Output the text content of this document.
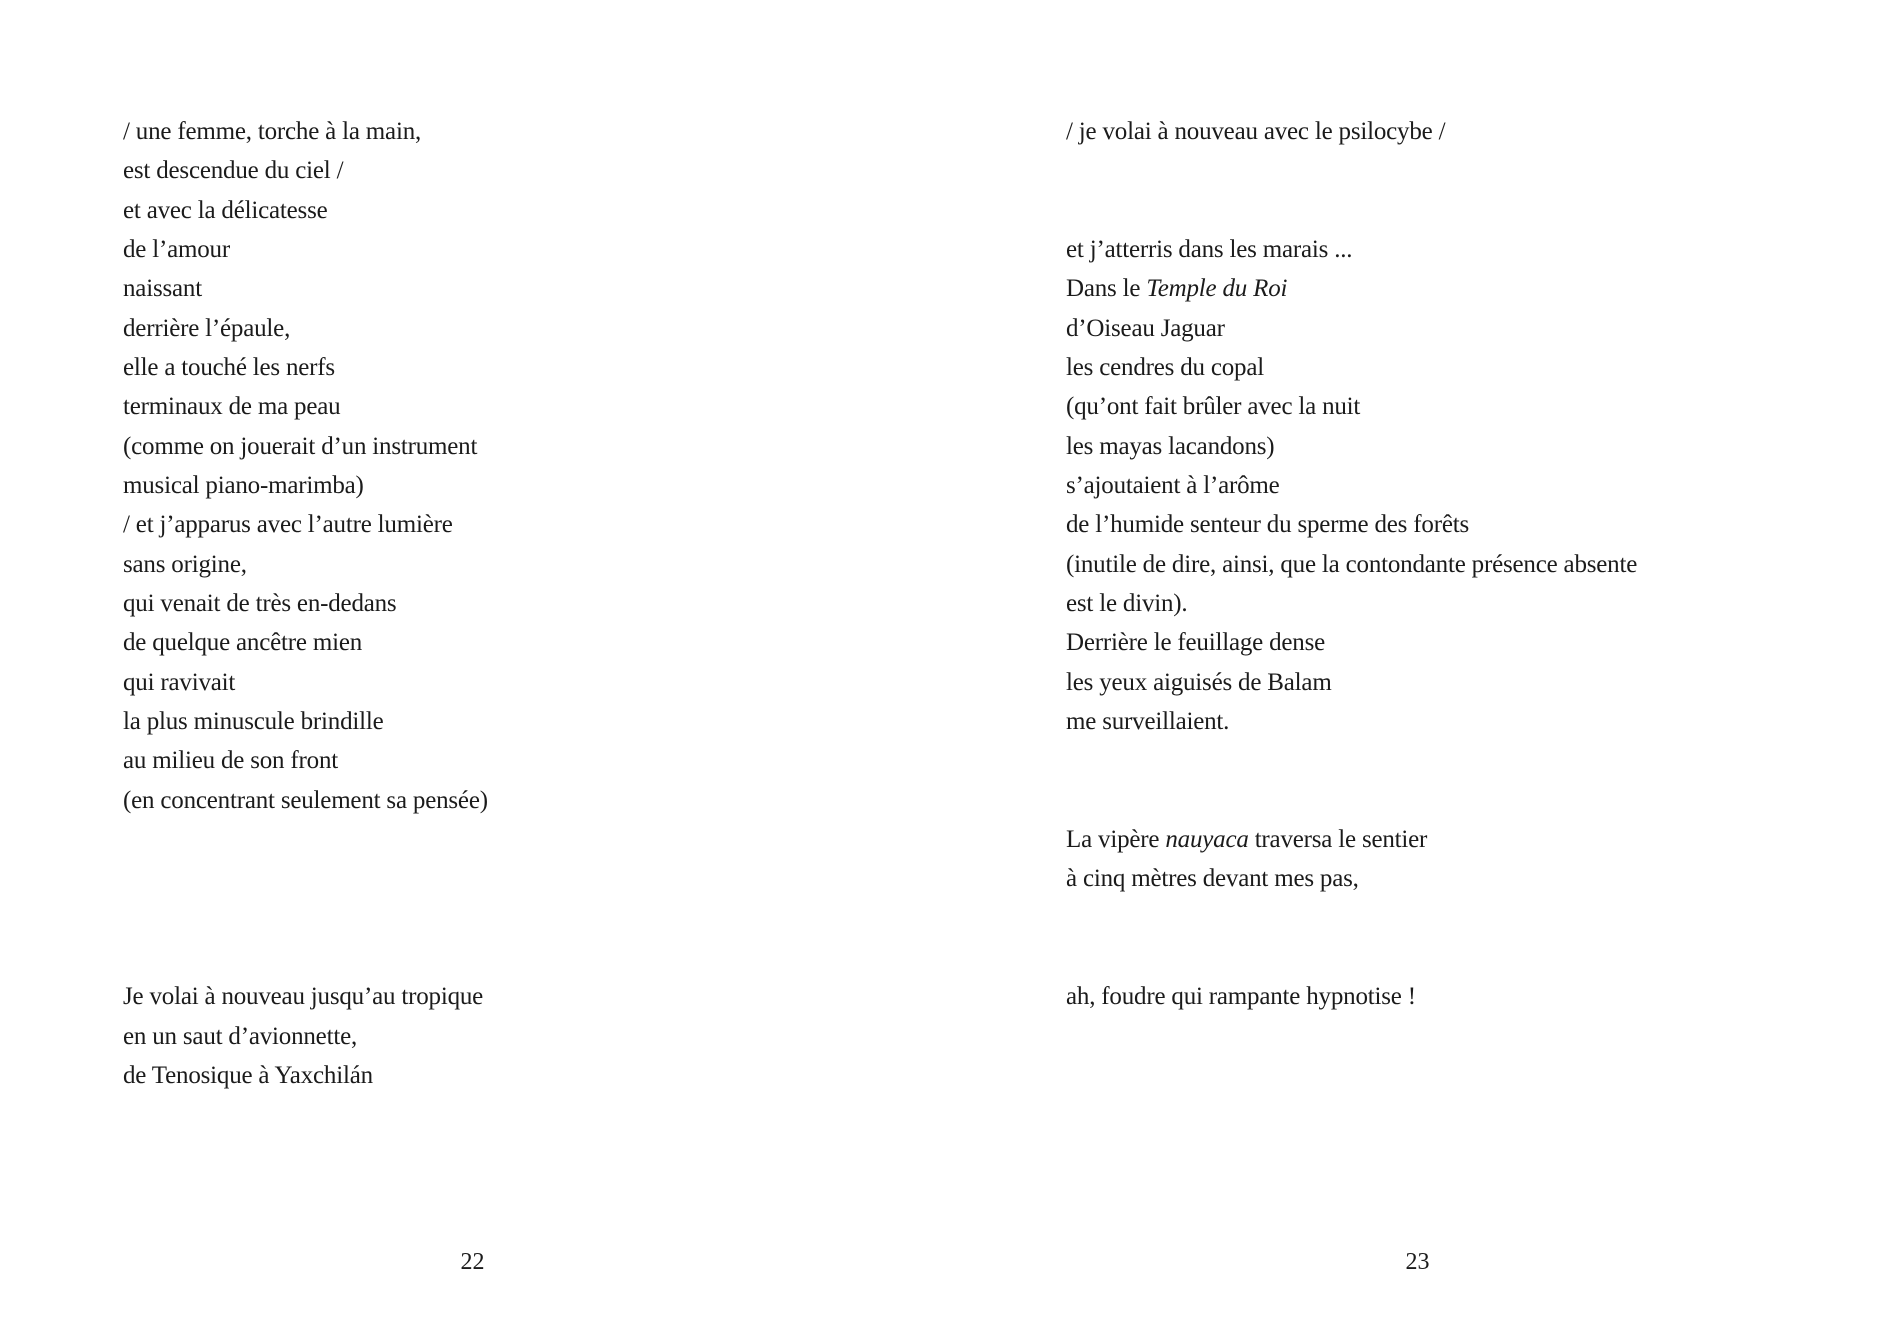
/ une femme, torche à la main,
est descendue du ciel /
et avec la délicatesse
de l’amour
naissant
derrière l’épaule,
elle a touché les nerfs
terminaux de ma peau
(comme on jouerait d’un instrument
musical piano-marimba)
/ et j’apparus avec l’autre lumière
sans origine,
qui venait de très en-dedans
de quelque ancêtre mien
qui ravivait
la plus minuscule brindille
au milieu de son front
(en concentrant seulement sa pensée)
Je volai à nouveau jusqu’au tropique
en un saut d’avionnette,
de Tenosique à Yaxchilán
/ je volai à nouveau avec le psilocybe /
et j’atterris dans les marais ...
Dans le Temple du Roi
d’Oiseau Jaguar
les cendres du copal
(qu’ont fait brûler avec la nuit
les mayas lacandons)
s’ajoutaient à l’arôme
de l’humide senteur du sperme des forêts
(inutile de dire, ainsi, que la contondante présence absente
est le divin).
Derrière le feuillage dense
les yeux aiguisés de Balam
me surveillaient.
La vipère nauyaca traversa le sentier
à cinq mètres devant mes pas,
ah, foudre qui rampante hypnotise !
22	23
